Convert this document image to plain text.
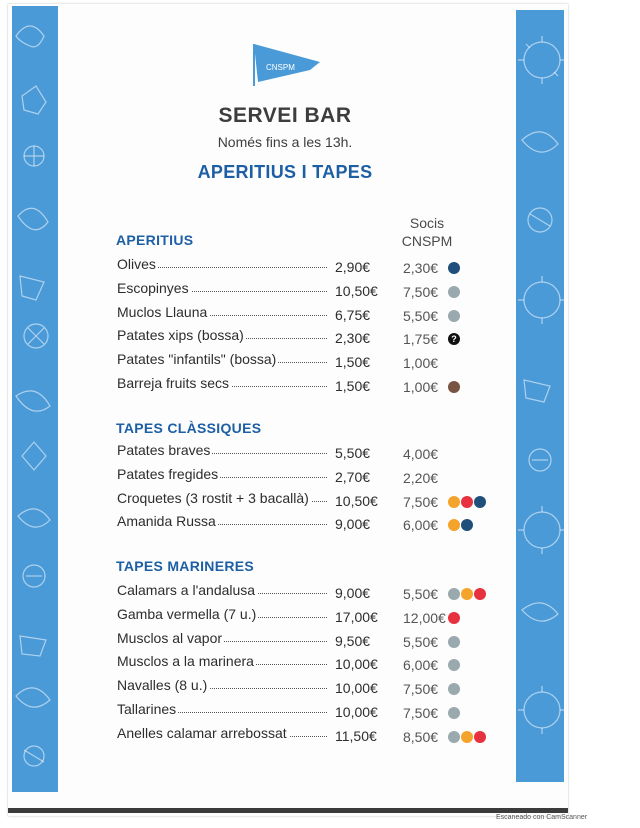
CNSPM
SERVEI BAR
Només fins a les 13h.
APERITIUS I TAPES
Socis
CNSPM
APERITIUS
Olives	2,90€ 2,30€
Escopinyes	10,50€ 7,50€
Muclos Llauna	6,75€ 5,50€
Patates xips (bossa)	2,30€ 1,75€	?
Patates "infantils" (bossa)	1,50€ 1,00€
Barreja fruits secs	1,50€ 1,00€
TAPES CLÀSSIQUES
Patates braves	5,50€ 4,00€
Patates fregides	2,70€ 2,20€
Croquetes (3 rostit + 3 bacallà) 10,50€ 7,50€
Amanida Russa	9,00€ 6,00€
TAPES MARINERES
Calamars a l'andalusa	9,00€ 5,50€
Gamba vermella (7 u.)	17,00€ 12,00€
Musclos al vapor	9,50€ 5,50€
Musclos a la marinera	10,00€ 6,00€
Navalles (8 u.)	10,00€ 7,50€
Tallarines	10,00€ 7,50€
Anelles calamar arrebossat	11,50€ 8,50€
Escaneado con CamScanner
